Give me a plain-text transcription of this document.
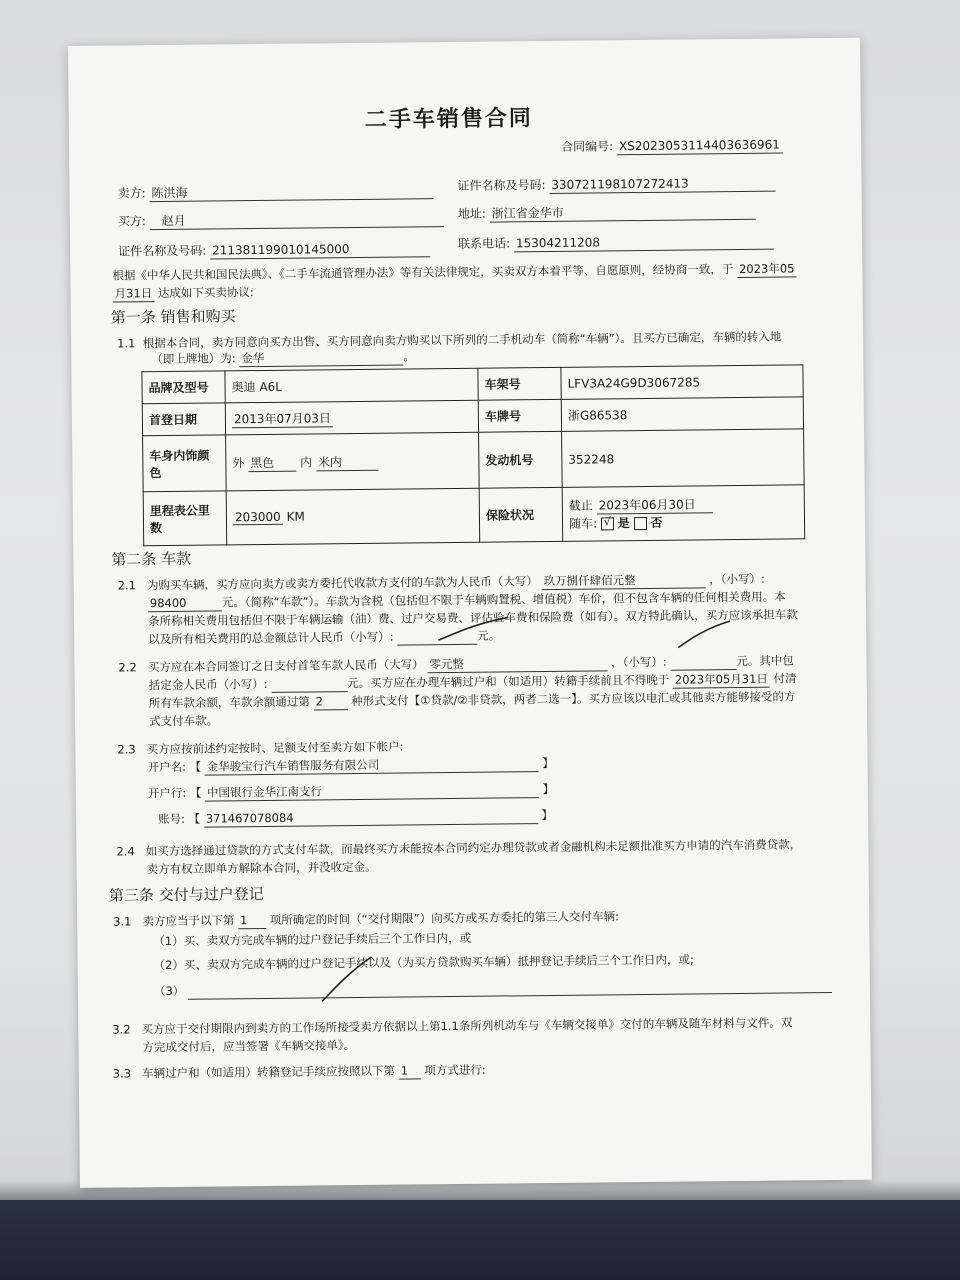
二手车销售合同
合同编号: XS20230531144036369​61
卖方: 陈洪海
证件名称及号码: 330721198107272413
买方: 赵月	地址: 浙江省金华市
证件名称及号码: 211381199010145000	联系电话: 15304211208
根据《中华人民共和国民法典》、《二手车流通管理办法》等有关法律规定，买卖双方本着平等、自愿原则，经协商一致，于 2023年05
月31日 达成如下买卖协议:
第一条 销售和购买
1.1 根据本合同，卖方同意向买方出售、买方同意向卖方购买以下所列的二手机动车（简称“车辆”）。且买方已确定，车辆的转入地
（即上牌地）为: 金华	。
品牌及型号	奥迪 A6L	车架号	LFV3A24G9D3067285
首登日期	2013年07月03日	车牌号	浙G86538
车身内饰颜
色	外 黑色 内 米内	发动机号	352248
里程表公里
数	203000 KM	保险状况	截止 2023年06月30日
随车: √ 是 否
第二条 车款
2.1 为购买车辆，买方应向卖方或卖方委托代收款方支付的车款为人民币（大写） 玖万捌仟肆佰元整	，（小写）:
98400	元。（简称“车款”）。车款为含税（包括但不限于车辆购置税、增值税）车价，但不包含车辆的任何相关费用。本
条所称相关费用包括但不限于车辆运输（油）费、过户交易费、评估验车费和保险费（如有）。双方特此确认，买方应该承担车款
以及所有相关费用的总金额总计人民币（小写）:	元。
2.2 买方应在本合同签订之日支付首笔车款人民币（大写） 零元整	，（小写）:	元。其中包
括定金人民币（小写）:	元。买方应在办理车辆过户和（如适用）转籍手续前且不得晚于 2023年05月31日 付清
所有车款余额，车款余额通过第 2 种形式支付【①贷款/②非贷款，两者二选一】。买方应该以电汇或其他卖方能够接受的方
式支付车款。
2.3 买方应按前述约定按时、足额支付至卖方如下帐户:
开户名: 【 金华骏宝行汽车销售服务有限公司	】
开户行: 【 中国银行金华江南支行	】
账号: 【 371467078084	】
2.4 如买方选择通过贷款的方式支付车款，而最终买方未能按本合同约定办理贷款或者金融机构未足额批准买方申请的汽车消费贷款，
卖方有权立即单方解除本合同，并没收定金。
第三条 交付与过户登记
3.1 卖方应当于以下第 1 项所确定的时间（“交付期限”）向买方或买方委托的第三人交付车辆:
（1）买、卖双方完成车辆的过户登记手续后三个工作日内，或
（2）买、卖双方完成车辆的过户登记手续以及（为买方贷款购买车辆）抵押登记手续后三个工作日内，或;
（3）
3.2 买方应于交付期限内到卖方的工作场所接受卖方依据以上第1.1条所列机动车与《车辆交接单》交付的车辆及随车材料与文件。双
方完成交付后，应当签署《车辆交接单》。
3.3 车辆过户和（如适用）转籍登记手续应按照以下第 1 项方式进行:
